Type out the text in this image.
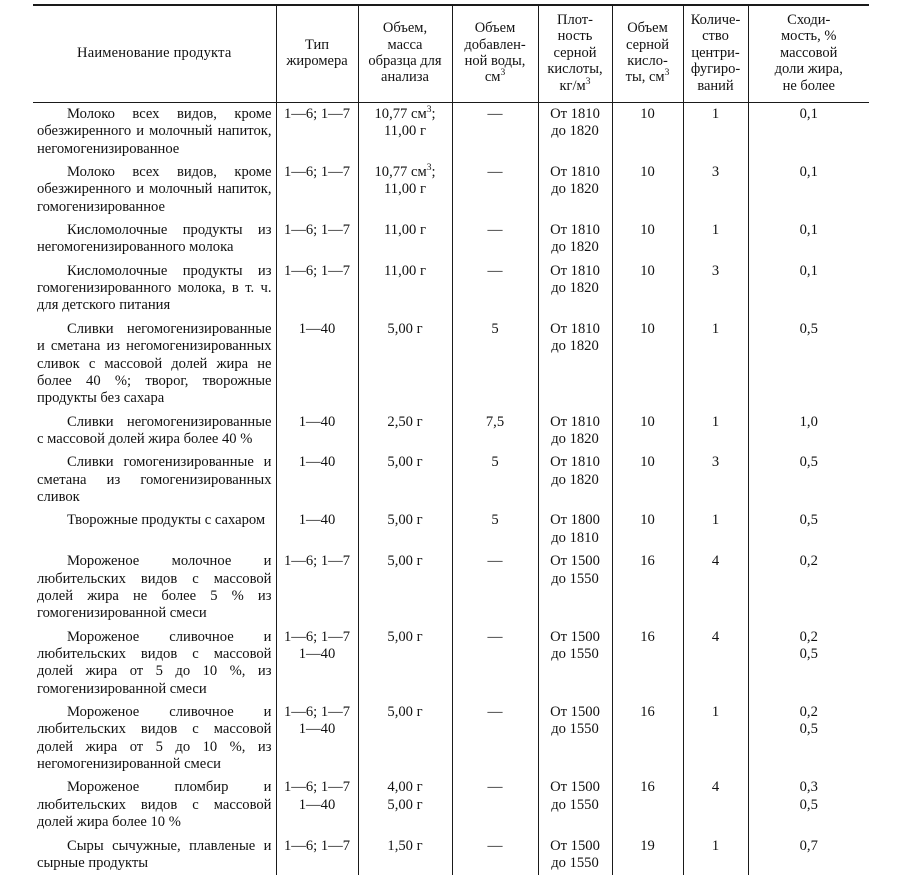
Наименование продукта	Тип
жиромера	Объем,
масса
образца для
анализа	Объем
добавлен-
ной воды,
$см^3$	Плот-
ность
серной
кислоты,
$кг/м^3$	Объем
серной
кисло-
ты, $см^3$	Количе-
ство
центри-
фугиро-
ваний	Сходи-
мость, %
массовой
доли жира,
не более

Молоко всех видов, кроме обезжиренного и молочный напиток, негомогенизированное	1—6; 1—7	10,77 $см^3$;
11,00 г	—	От 1810
до 1820	10	1	0,1

Молоко всех видов, кроме обезжиренного и молочный напиток, гомогенизированное	1—6; 1—7	10,77 $см^3$;
11,00 г	—	От 1810
до 1820	10	3	0,1

Кисломолочные продукты из негомогенизированного молока	1—6; 1—7	11,00 г	—	От 1810
до 1820	10	1	0,1

Кисломолочные продукты из гомогенизированного молока, в т. ч. для детского питания	1—6; 1—7	11,00 г	—	От 1810
до 1820	10	3	0,1

Сливки негомогенизированные и сметана из негомогенизированных сливок с массовой долей жира не более 40 %; творог, творожные продукты без сахара	1—40	5,00 г	5	От 1810
до 1820	10	1	0,5

Сливки негомогенизированные с массовой долей жира более 40 %	1—40	2,50 г	7,5	От 1810
до 1820	10	1	1,0

Сливки гомогенизированные и сметана из гомогенизированных сливок	1—40	5,00 г	5	От 1810
до 1820	10	3	0,5

Творожные продукты с сахаром	1—40	5,00 г	5	От 1800
до 1810	10	1	0,5

Мороженое молочное и любительских видов с массовой долей жира не более 5 % из гомогенизированной смеси	1—6; 1—7	5,00 г	—	От 1500
до 1550	16	4	0,2

Мороженое сливочное и любительских видов с массовой долей жира от 5 до 10 %, из гомогенизированной смеси	1—6; 1—7
1—40	5,00 г	—	От 1500
до 1550	16	4	0,2
0,5

Мороженое сливочное и любительских видов с массовой долей жира от 5 до 10 %, из негомогенизированной смеси	1—6; 1—7
1—40	5,00 г	—	От 1500
до 1550	16	1	0,2
0,5

Мороженое пломбир и любительских видов с массовой долей жира более 10 %	1—6; 1—7
1—40	4,00 г
5,00 г	—	От 1500
до 1550	16	4	0,3
0,5

Сыры сычужные, плавленые и сырные продукты	1—6; 1—7	1,50 г	—	От 1500
до 1550	19	1	0,7
